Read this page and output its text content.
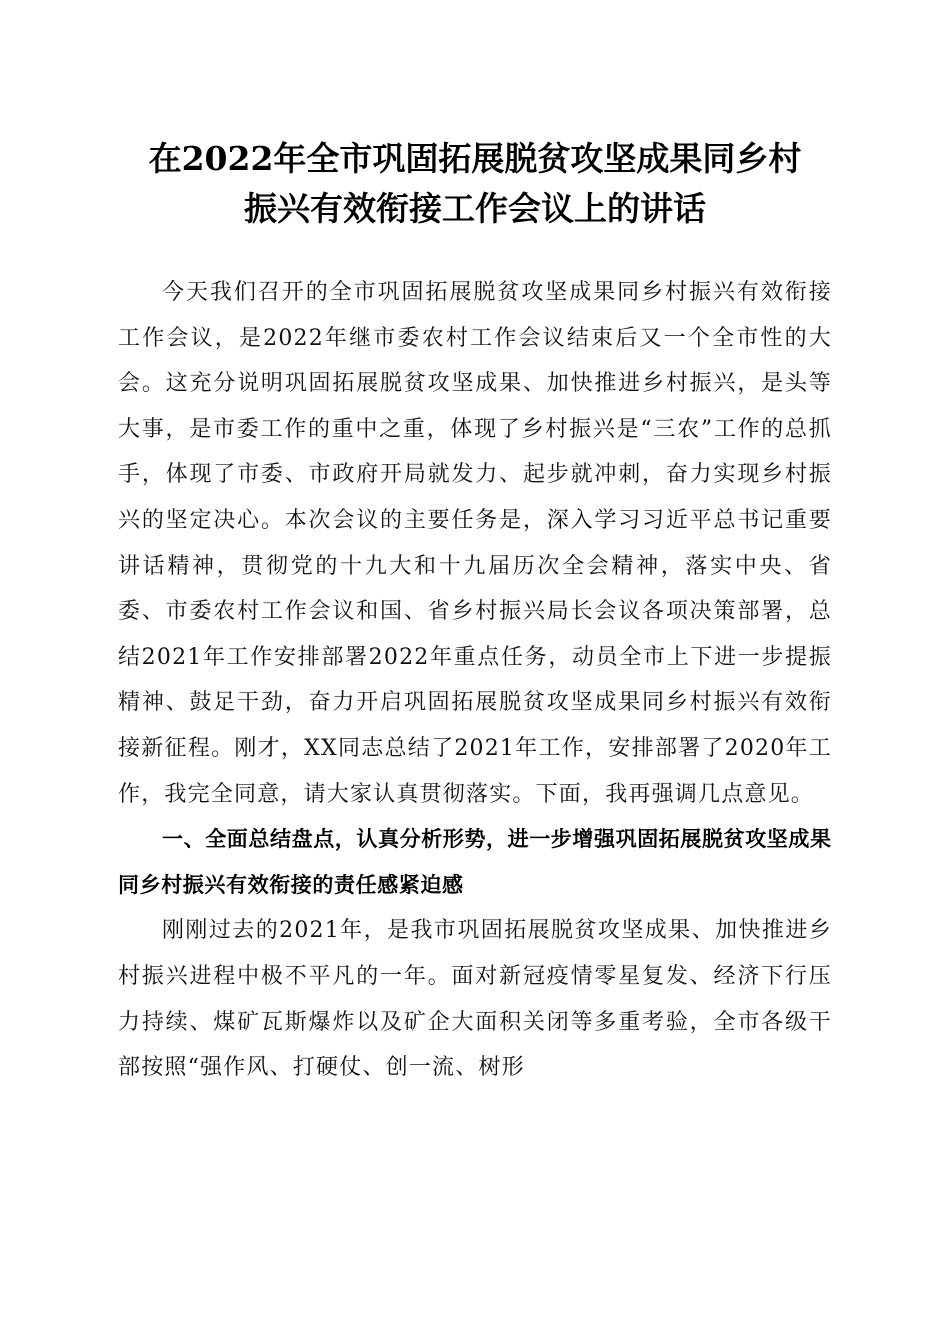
在2022年全市巩固拓展脱贫攻坚成果同乡村
振兴有效衔接工作会议上的讲话

今天我们召开的全市巩固拓展脱贫攻坚成果同乡村振兴有效衔接工作会议，是2022年继市委农村工作会议结束后又一个全市性的大会。这充分说明巩固拓展脱贫攻坚成果、加快推进乡村振兴，是头等大事，是市委工作的重中之重，体现了乡村振兴是“三农”工作的总抓手，体现了市委、市政府开局就发力、起步就冲刺，奋力实现乡村振兴的坚定决心。本次会议的主要任务是，深入学习习近平总书记重要讲话精神，贯彻党的十九大和十九届历次全会精神，落实中央、省委、市委农村工作会议和国、省乡村振兴局长会议各项决策部署，总结2021年工作安排部署2022年重点任务，动员全市上下进一步提振精神、鼓足干劲，奋力开启巩固拓展脱贫攻坚成果同乡村振兴有效衔接新征程。刚才，XX同志总结了2021年工作，安排部署了2020年工作，我完全同意，请大家认真贯彻落实。下面，我再强调几点意见。

一、全面总结盘点，认真分析形势，进一步增强巩固拓展脱贫攻坚成果同乡村振兴有效衔接的责任感紧迫感

刚刚过去的2021年，是我市巩固拓展脱贫攻坚成果、加快推进乡村振兴进程中极不平凡的一年。面对新冠疫情零星复发、经济下行压力持续、煤矿瓦斯爆炸以及矿企大面积关闭等多重考验，全市各级干部按照“强作风、打硬仗、创一流、树形
